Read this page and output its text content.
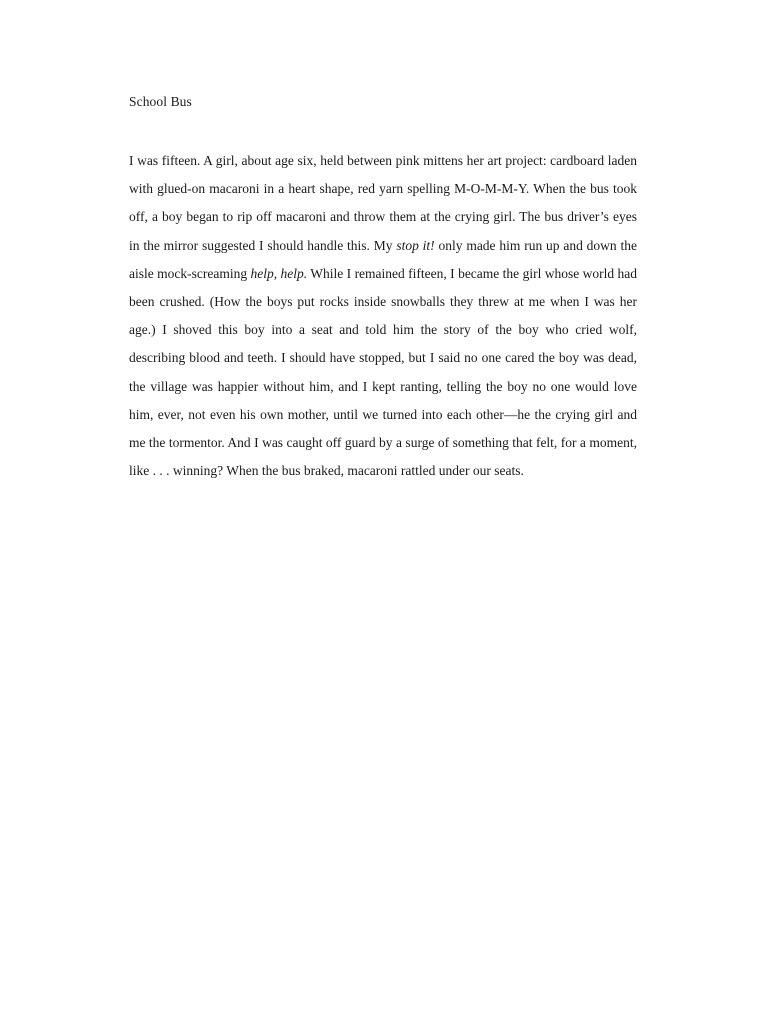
School Bus

I was fifteen. A girl, about age six, held between pink mittens her art project: cardboard laden with glued-on macaroni in a heart shape, red yarn spelling M-O-M-M-Y. When the bus took off, a boy began to rip off macaroni and throw them at the crying girl. The bus driver’s eyes in the mirror suggested I should handle this. My stop it! only made him run up and down the aisle mock-screaming help, help. While I remained fifteen, I became the girl whose world had been crushed. (How the boys put rocks inside snowballs they threw at me when I was her age.) I shoved this boy into a seat and told him the story of the boy who cried wolf, describing blood and teeth. I should have stopped, but I said no one cared the boy was dead, the village was happier without him, and I kept ranting, telling the boy no one would love him, ever, not even his own mother, until we turned into each other—he the crying girl and me the tormentor. And I was caught off guard by a surge of something that felt, for a moment, like . . . winning? When the bus braked, macaroni rattled under our seats.
